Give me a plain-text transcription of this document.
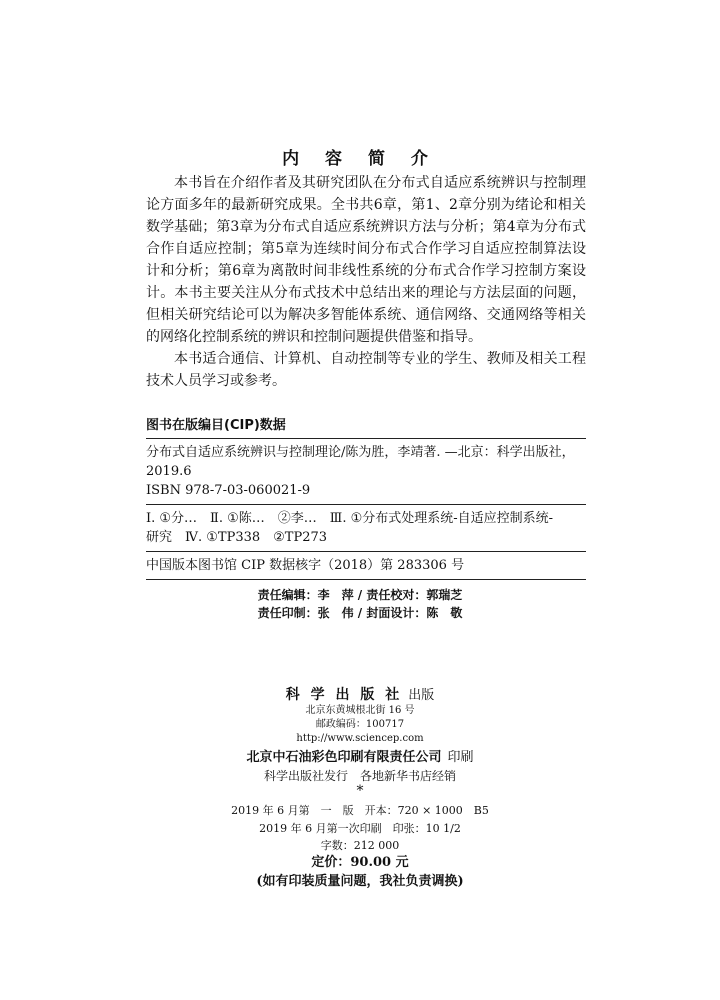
内 容 简 介

本书旨在介绍作者及其研究团队在分布式自适应系统辨识与控制理论方面多年的最新研究成果。全书共6章，第1、2章分别为绪论和相关数学基础；第3章为分布式自适应系统辨识方法与分析；第4章为分布式合作自适应控制；第5章为连续时间分布式合作学习自适应控制算法设计和分析；第6章为离散时间非线性系统的分布式合作学习控制方案设计。本书主要关注从分布式技术中总结出来的理论与方法层面的问题，但相关研究结论可以为解决多智能体系统、通信网络、交通网络等相关的网络化控制系统的辨识和控制问题提供借鉴和指导。

本书适合通信、计算机、自动控制等专业的学生、教师及相关工程技术人员学习或参考。

图书在版编目(CIP)数据
分布式自适应系统辨识与控制理论/陈为胜，李靖著. —北京：科学出版社，
2019.6
ISBN 978-7-03-060021-9
Ⅰ. ①分…　Ⅱ. ①陈…　②李…　Ⅲ. ①分布式处理系统-自适应控制系统-
研究　Ⅳ. ①TP338　②TP273
中国版本图书馆 CIP 数据核字（2018）第 283306 号
责任编辑：李　萍 / 责任校对：郭瑞芝
责任印制：张　伟 / 封面设计：陈　敬
科 学 出 版 社 出版
北京东黄城根北街 16 号
邮政编码：100717
http://www.sciencep.com
北京中石油彩色印刷有限责任公司 印刷
科学出版社发行　各地新华书店经销
*
2019 年 6 月第　一　版　开本：720 × 1000　B5
2019 年 6 月第一次印刷　印张：10 1/2
字数：212 000
定价：90.00 元
(如有印装质量问题，我社负责调换)
